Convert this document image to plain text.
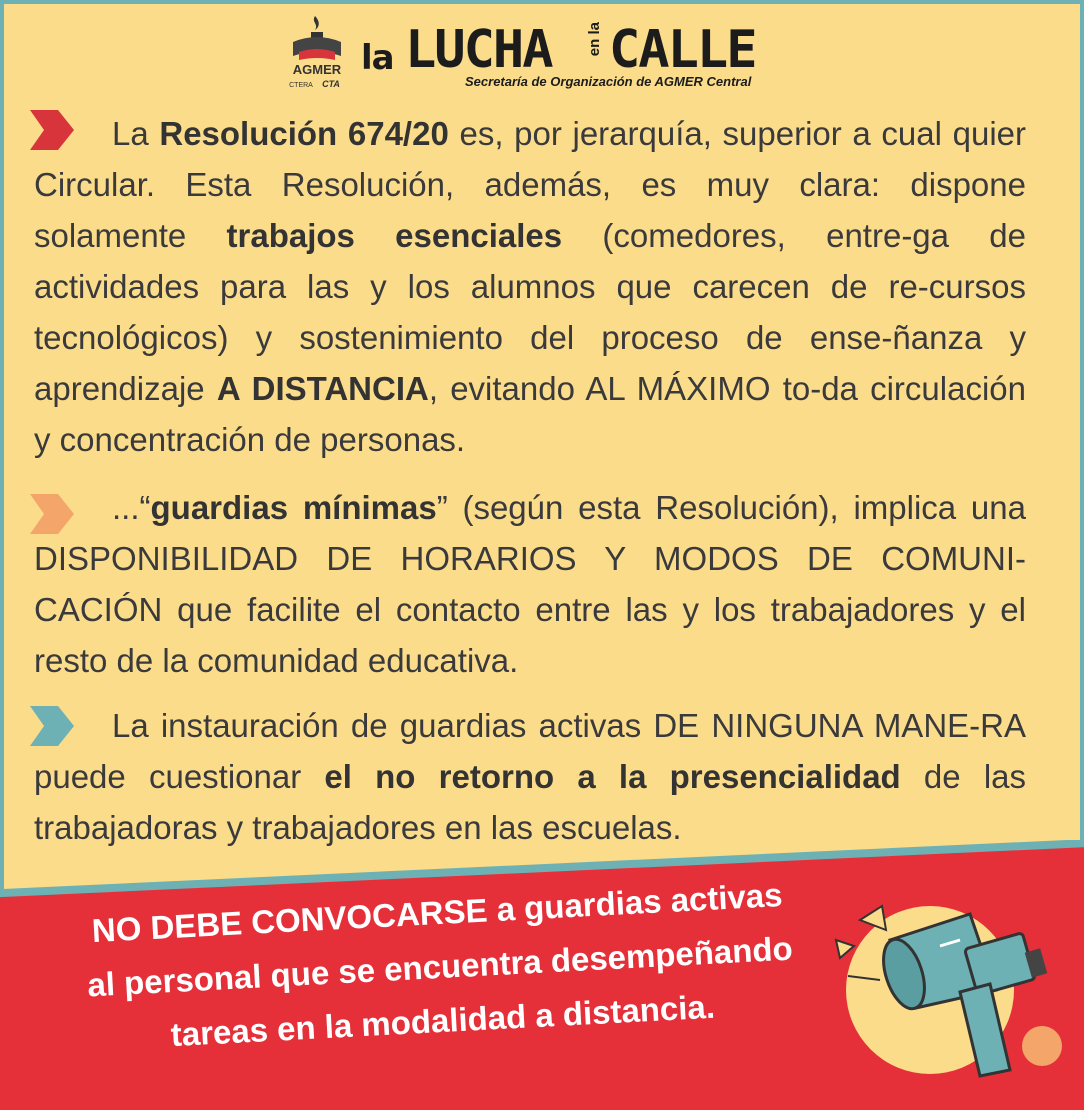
AGMER
CTERA CTA
la LUCHA en la CALLE
Secretaría de Organización de AGMER Central
La Resolución 674/20 es, por jerarquía, superior a cual quier Circular. Esta Resolución, además, es muy clara: dispone solamente trabajos esenciales (comedores, entre-ga de actividades para las y los alumnos que carecen de re-cursos tecnológicos) y sostenimiento del proceso de ense-ñanza y aprendizaje A DISTANCIA, evitando AL MÁXIMO to-da circulación y concentración de personas.
...“guardias mínimas” (según esta Resolución), implica una DISPONIBILIDAD DE HORARIOS Y MODOS DE COMUNI-CACIÓN que facilite el contacto entre las y los trabajadores y el resto de la comunidad educativa.
La instauración de guardias activas DE NINGUNA MANE-RA puede cuestionar el no retorno a la presencialidad de las trabajadoras y trabajadores en las escuelas.
NO DEBE CONVOCARSE a guardias activas
al personal que se encuentra desempeñando
tareas en la modalidad a distancia.
